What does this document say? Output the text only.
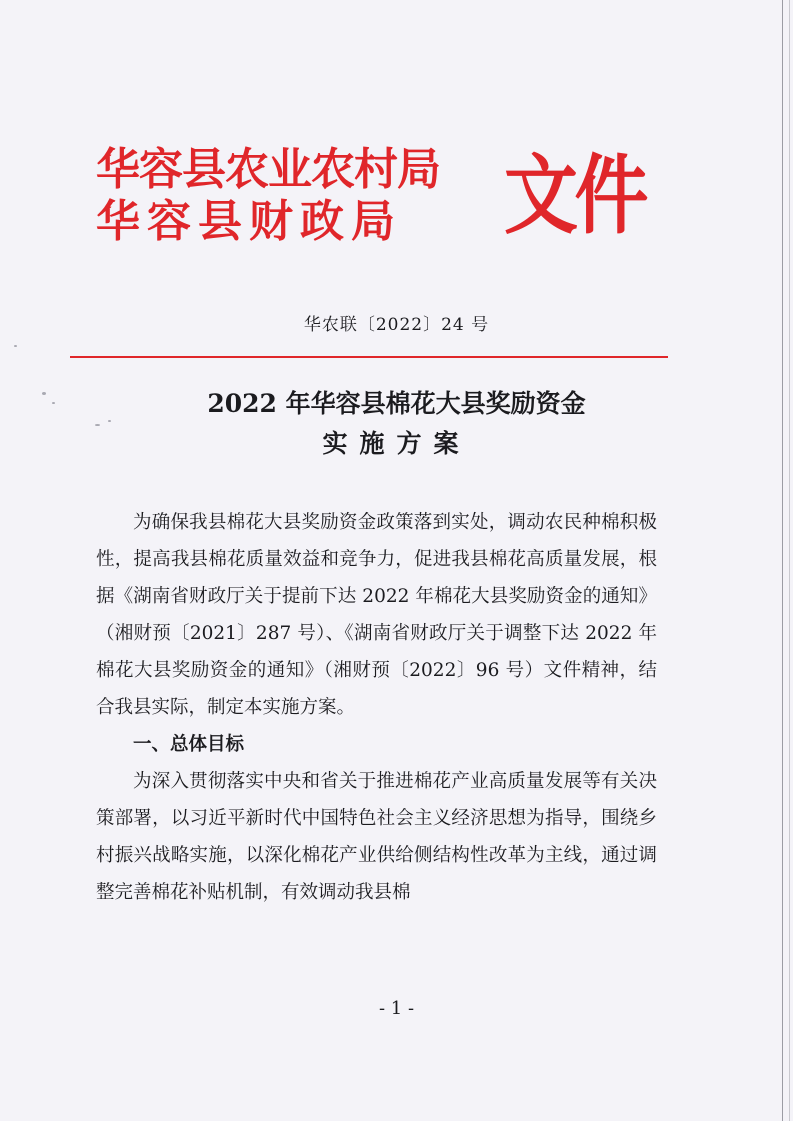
华容县农业农村局
华容县财政局 文件
华农联〔2022〕24 号
2022 年华容县棉花大县奖励资金
实施方案

为确保我县棉花大县奖励资金政策落到实处，调动农民种棉积极性，提高我县棉花质量效益和竞争力，促进我县棉花高质量发展，根据《湖南省财政厅关于提前下达 2022 年棉花大县奖励资金的通知》（湘财预〔2021〕287 号）、《湖南省财政厅关于调整下达 2022 年棉花大县奖励资金的通知》（湘财预〔2022〕96 号）文件精神，结合我县实际，制定本实施方案。

一、总体目标

为深入贯彻落实中央和省关于推进棉花产业高质量发展等有关决策部署，以习近平新时代中国特色社会主义经济思想为指导，围绕乡村振兴战略实施，以深化棉花产业供给侧结构性改革为主线，通过调整完善棉花补贴机制，有效调动我县棉

- 1 -
